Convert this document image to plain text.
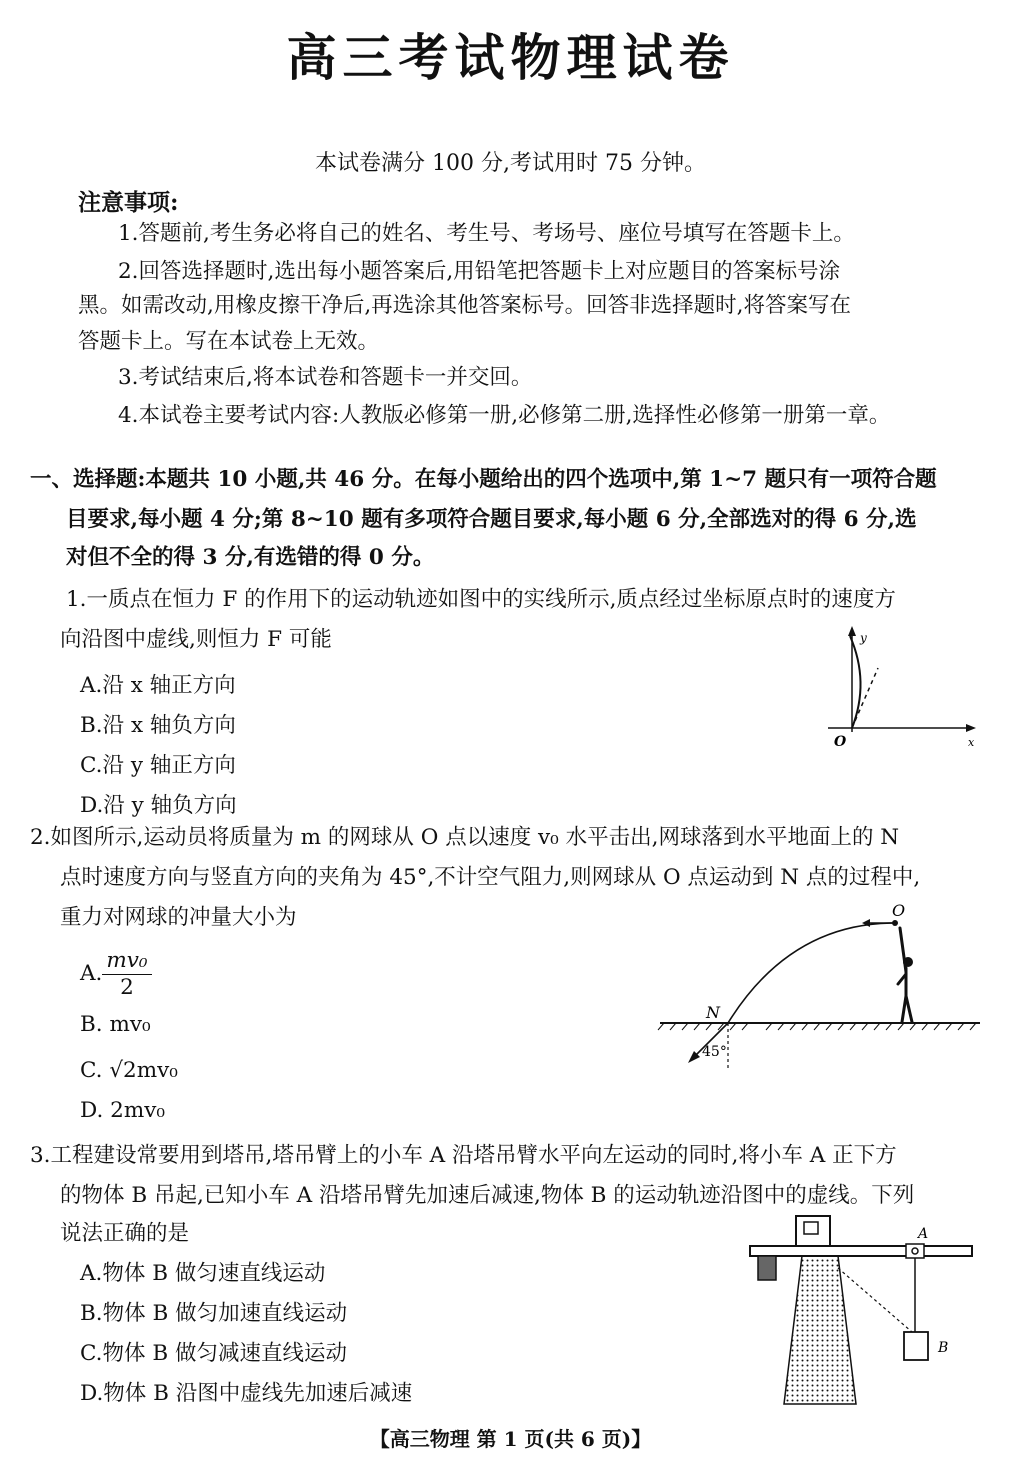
高三考试物理试卷
本试卷满分 100 分,考试用时 75 分钟。
注意事项:
1.答题前,考生务必将自己的姓名、考生号、考场号、座位号填写在答题卡上。
2.回答选择题时,选出每小题答案后,用铅笔把答题卡上对应题目的答案标号涂
黑。如需改动,用橡皮擦干净后,再选涂其他答案标号。回答非选择题时,将答案写在
答题卡上。写在本试卷上无效。
3.考试结束后,将本试卷和答题卡一并交回。
4.本试卷主要考试内容:人教版必修第一册,必修第二册,选择性必修第一册第一章。
一、选择题:本题共 10 小题,共 46 分。在每小题给出的四个选项中,第 1~7 题只有一项符合题
目要求,每小题 4 分;第 8~10 题有多项符合题目要求,每小题 6 分,全部选对的得 6 分,选
对但不全的得 3 分,有选错的得 0 分。
1.一质点在恒力 F 的作用下的运动轨迹如图中的实线所示,质点经过坐标原点时的速度方
向沿图中虚线,则恒力 F 可能
A.沿 x 轴正方向
B.沿 x 轴负方向
C.沿 y 轴正方向
D.沿 y 轴负方向
y
x
O
2.如图所示,运动员将质量为 m 的网球从 O 点以速度 v₀ 水平击出,网球落到水平地面上的 N
点时速度方向与竖直方向的夹角为 45°,不计空气阻力,则网球从 O 点运动到 N 点的过程中,
重力对网球的冲量大小为
A. $\frac{\text{mv₀}}{2}$
B. mv₀
C. √2mv₀
D. 2mv₀
O
N
45°
3.工程建设常要用到塔吊,塔吊臂上的小车 A 沿塔吊臂水平向左运动的同时,将小车 A 正下方
的物体 B 吊起,已知小车 A 沿塔吊臂先加速后减速,物体 B 的运动轨迹沿图中的虚线。下列
说法正确的是
A.物体 B 做匀速直线运动
B.物体 B 做匀加速直线运动
C.物体 B 做匀减速直线运动
D.物体 B 沿图中虚线先加速后减速
A
B
【高三物理 第 1 页(共 6 页)】
